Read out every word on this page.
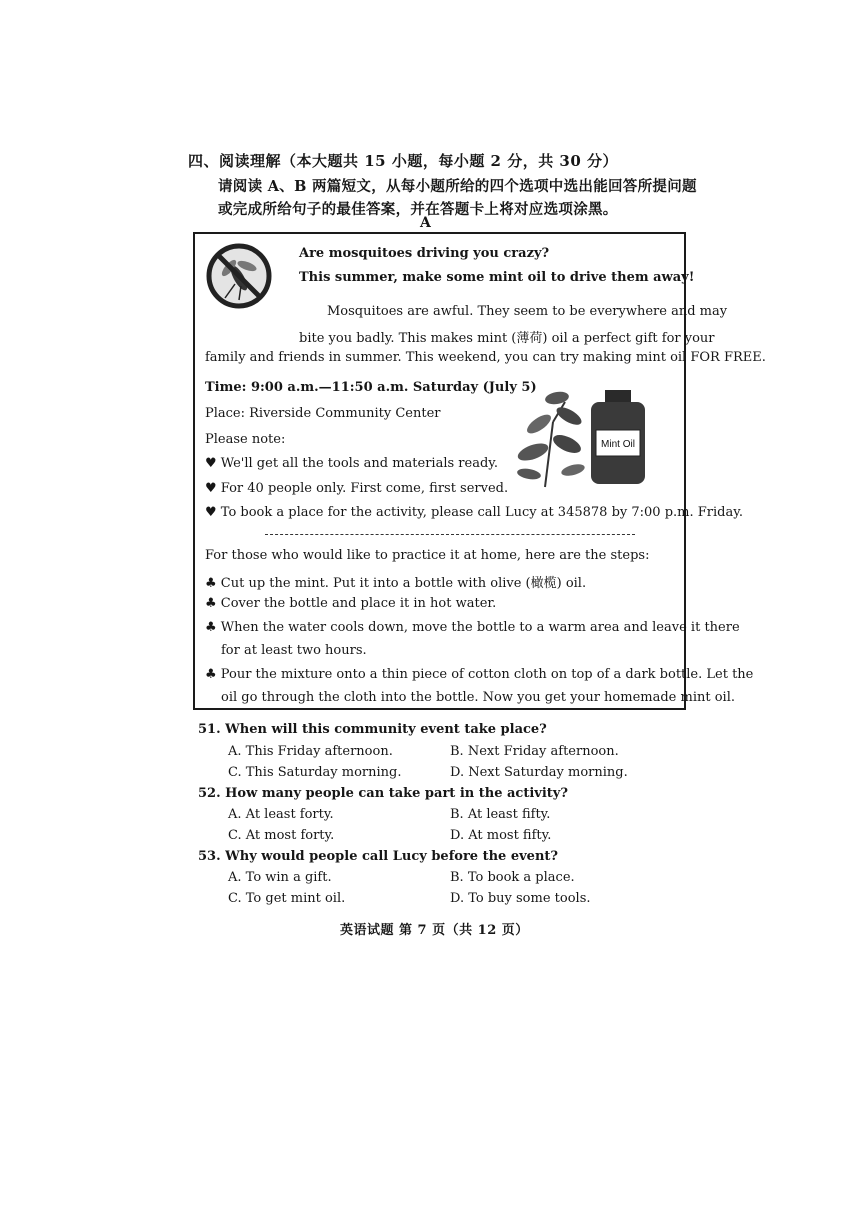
四、阅读理解（本大题共 15 小题，每小题 2 分，共 30 分）
请阅读 A、B 两篇短文，从每小题所给的四个选项中选出能回答所提问题
或完成所给句子的最佳答案，并在答题卡上将对应选项涂黑。
A
Are mosquitoes driving you crazy?
This summer, make some mint oil to drive them away!
Mosquitoes are awful. They seem to be everywhere and may
bite you badly. This makes mint (薄荷) oil a perfect gift for your
family and friends in summer. This weekend, you can try making mint oil FOR FREE.
Time: 9:00 a.m.—11:50 a.m. Saturday (July 5)
Place: Riverside Community Center
Please note:
♥ We'll get all the tools and materials ready.
♥ For 40 people only. First come, first served.
♥ To book a place for the activity, please call Lucy at 345878 by 7:00 p.m. Friday.
Mint Oil
For those who would like to practice it at home, here are the steps:
♣ Cut up the mint. Put it into a bottle with olive (橄榄) oil.
♣ Cover the bottle and place it in hot water.
♣ When the water cools down, move the bottle to a warm area and leave it there
for at least two hours.
♣ Pour the mixture onto a thin piece of cotton cloth on top of a dark bottle. Let the
oil go through the cloth into the bottle. Now you get your homemade mint oil.
51. When will this community event take place?
A. This Friday afternoon.	B. Next Friday afternoon.
C. This Saturday morning.	D. Next Saturday morning.
52. How many people can take part in the activity?
A. At least forty.	B. At least fifty.
C. At most forty.	D. At most fifty.
53. Why would people call Lucy before the event?
A. To win a gift.	B. To book a place.
C. To get mint oil.	D. To buy some tools.
英语试题 第 7 页（共 12 页）
